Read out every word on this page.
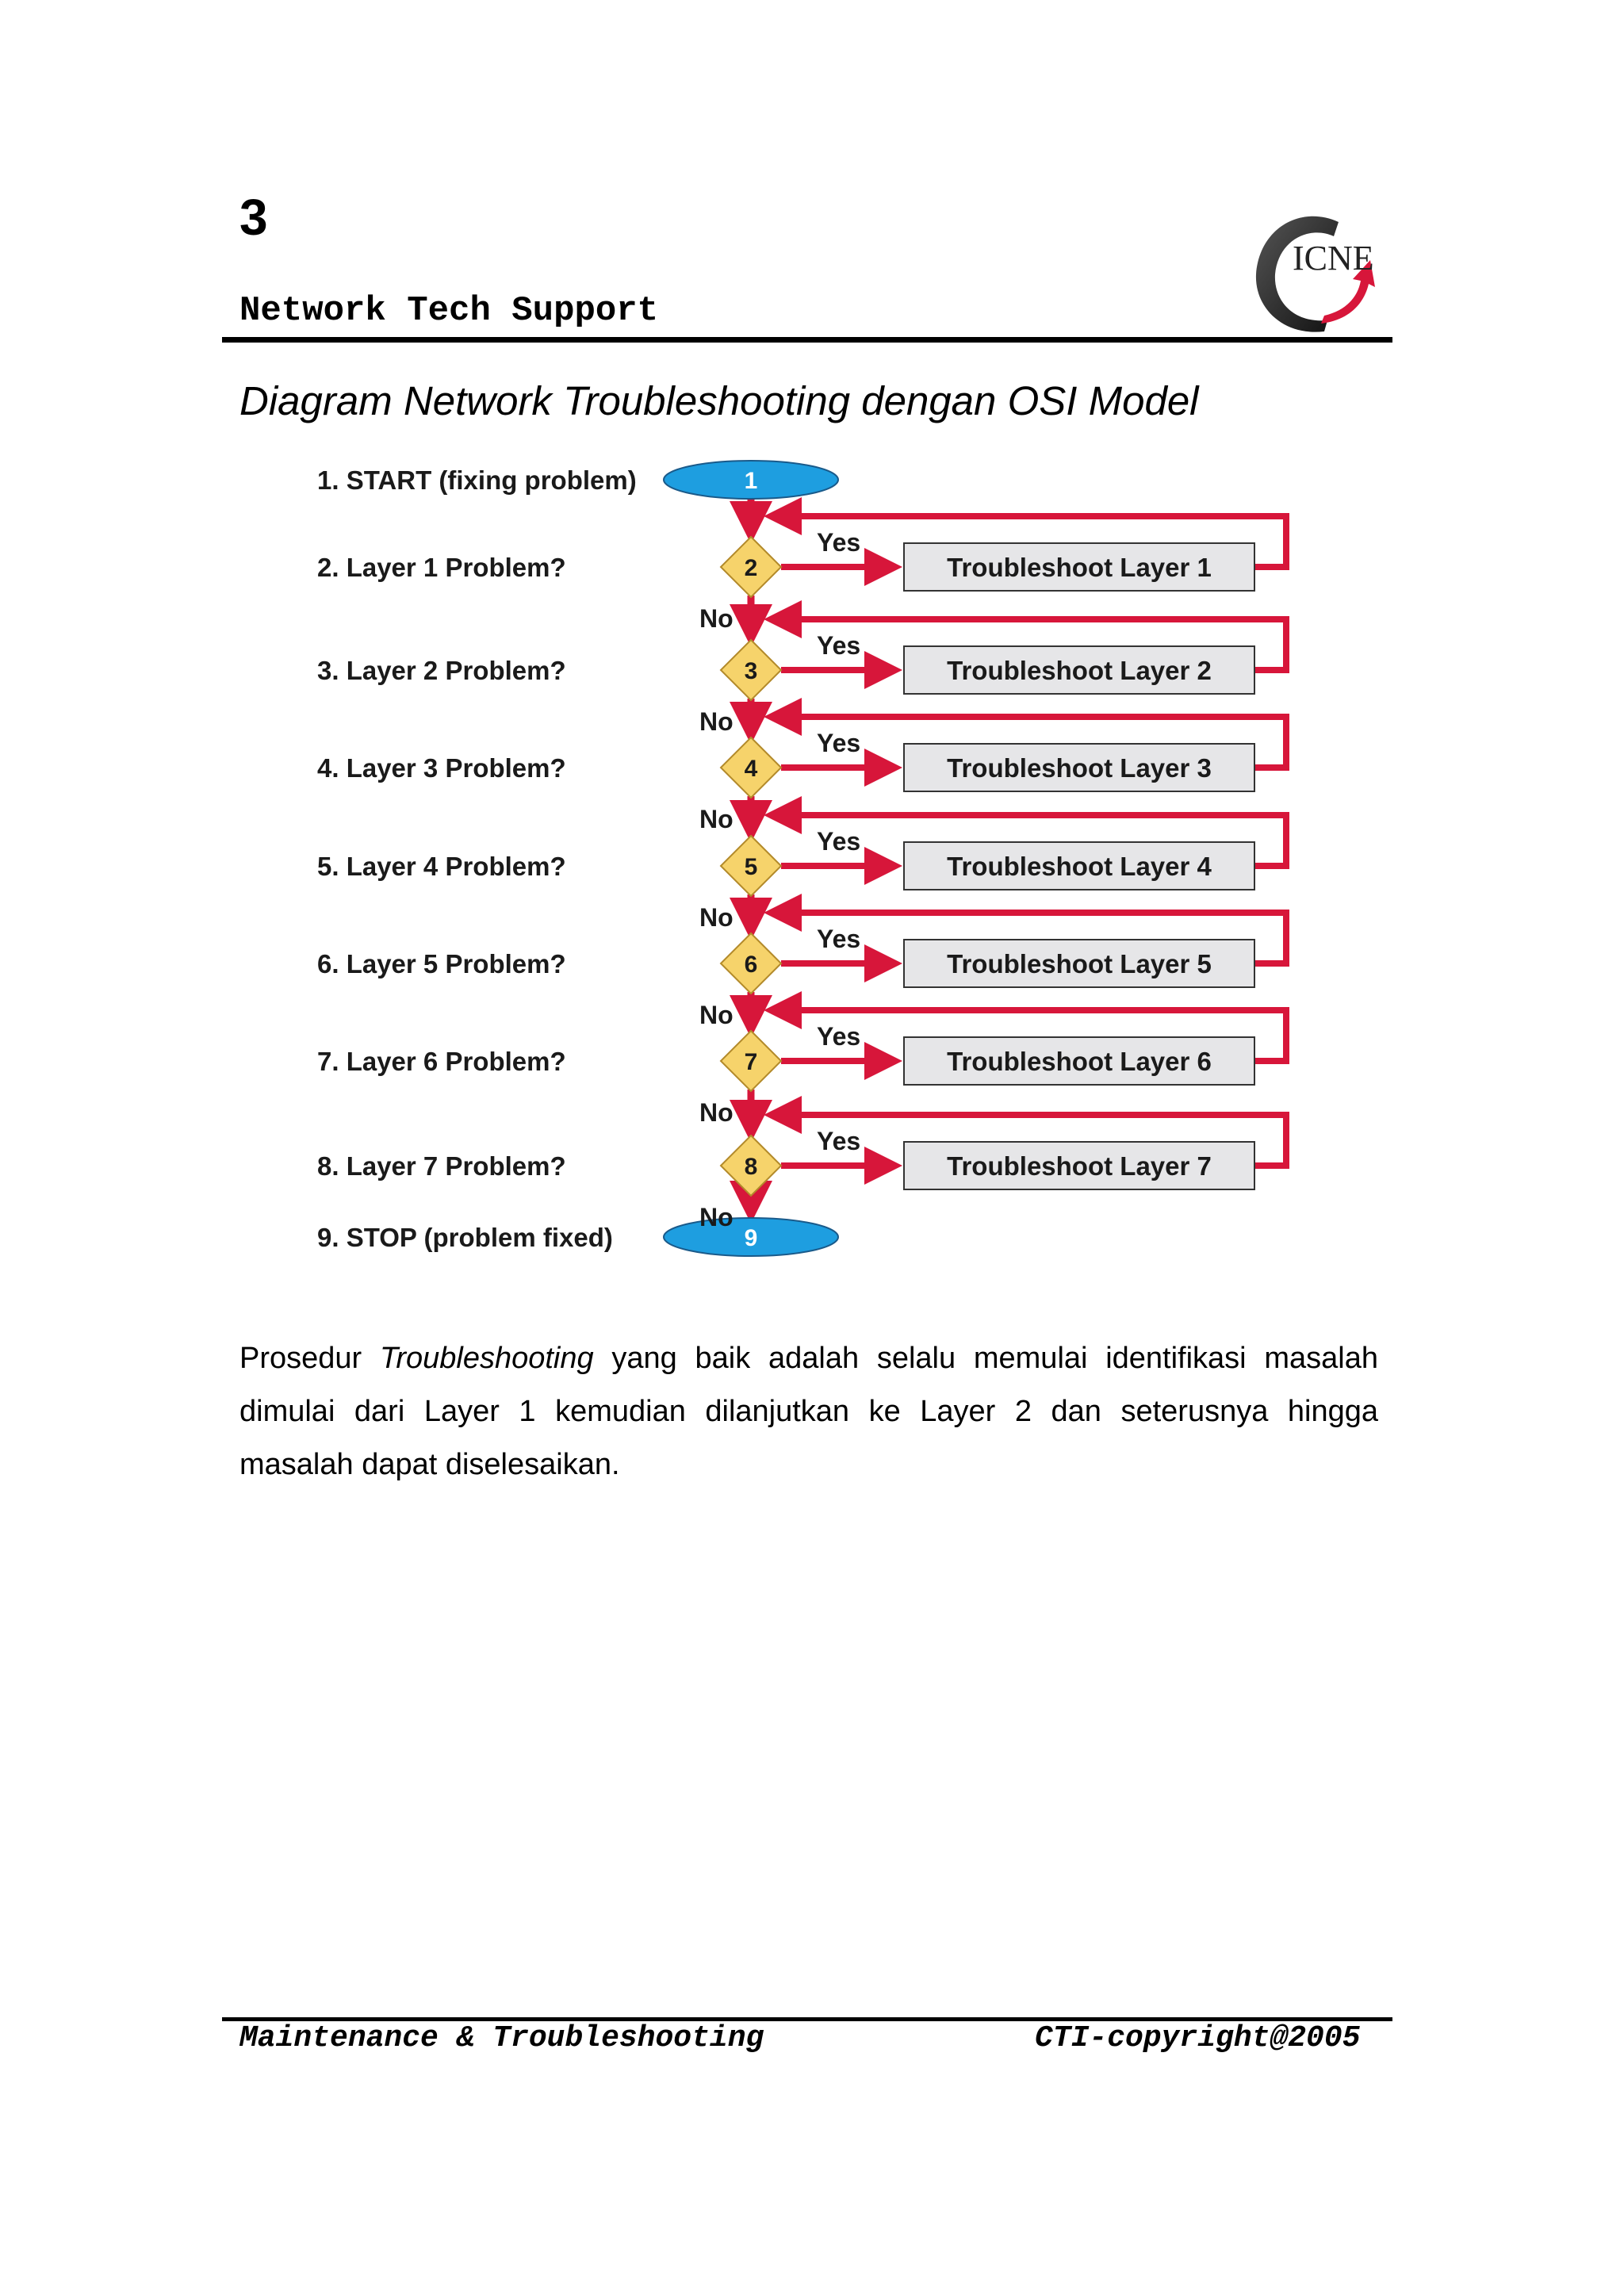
3
Network Tech Support
ICNE
Diagram Network Troubleshooting dengan OSI Model
1. START (fixing problem)	1
2. Layer 1 Problem?	2	Troubleshoot Layer 1
Yes
No
3. Layer 2 Problem?	3	Troubleshoot Layer 2
Yes
No
4. Layer 3 Problem?	4	Troubleshoot Layer 3
Yes
No
5. Layer 4 Problem?	5	Troubleshoot Layer 4
Yes
No
6. Layer 5 Problem?	6	Troubleshoot Layer 5
Yes
No
7. Layer 6 Problem?	7	Troubleshoot Layer 6
Yes
No
8. Layer 7 Problem?	8	Troubleshoot Layer 7
Yes
No
9. STOP (problem fixed)	9
Prosedur Troubleshooting yang baik adalah selalu memulai identifikasi masalah dimulai dari Layer 1 kemudian dilanjutkan ke Layer 2 dan seterusnya hingga masalah dapat diselesaikan.
Maintenance & Troubleshooting	CTI-copyright@2005
